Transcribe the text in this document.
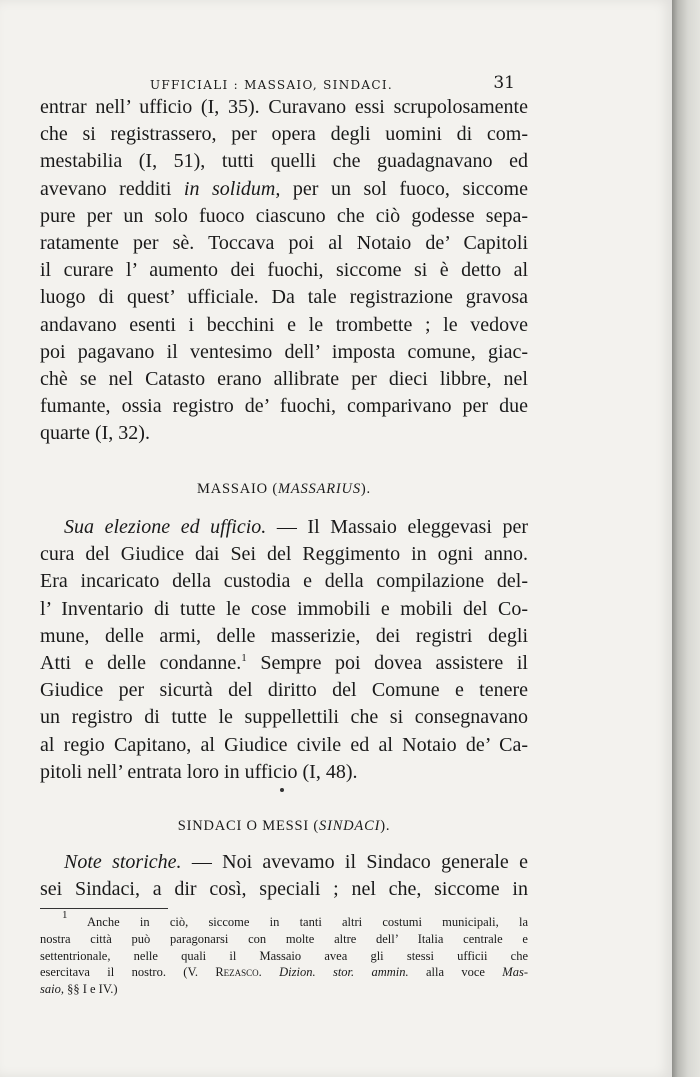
UFFICIALI : MASSAIO, SINDACI.	31
entrar nell’ ufficio (I, 35). Curavano essi scrupolosamente
che si registrassero, per opera degli uomini di com-
mestabilia (I, 51), tutti quelli che guadagnavano ed
avevano redditi in solidum, per un sol fuoco, siccome
pure per un solo fuoco ciascuno che ciò godesse sepa-
ratamente per sè. Toccava poi al Notaio de’ Capitoli
il curare l’ aumento dei fuochi, siccome si è detto al
luogo di quest’ ufficiale. Da tale registrazione gravosa
andavano esenti i becchini e le trombette ; le vedove
poi pagavano il ventesimo dell’ imposta comune, giac-
chè se nel Catasto erano allibrate per dieci libbre, nel
fumante, ossia registro de’ fuochi, comparivano per due
quarte (I, 32).
MASSAIO (MASSARIUS).
Sua elezione ed ufficio. — Il Massaio eleggevasi per
cura del Giudice dai Sei del Reggimento in ogni anno.
Era incaricato della custodia e della compilazione del-
l’ Inventario di tutte le cose immobili e mobili del Co-
mune, delle armi, delle masserizie, dei registri degli
Atti e delle condanne.$^1$ Sempre poi dovea assistere il
Giudice per sicurtà del diritto del Comune e tenere
un registro di tutte le suppellettili che si consegnavano
al regio Capitano, al Giudice civile ed al Notaio de’ Ca-
pitoli nell’ entrata loro in ufficio (I, 48).
SINDACI O MESSI (SINDACI).
Note storiche. — Noi avevamo il Sindaco generale e
sei Sindaci, a dir così, speciali ; nel che, siccome in
$^1$ Anche in ciò, siccome in tanti altri costumi municipali, la
nostra città può paragonarsi con molte altre dell’ Italia centrale e
settentrionale, nelle quali il Massaio avea gli stessi ufficii che
esercitava il nostro. (V. Rezasco. Dizion. stor. ammin. alla voce Mas-
saio, §§ I e IV.)
